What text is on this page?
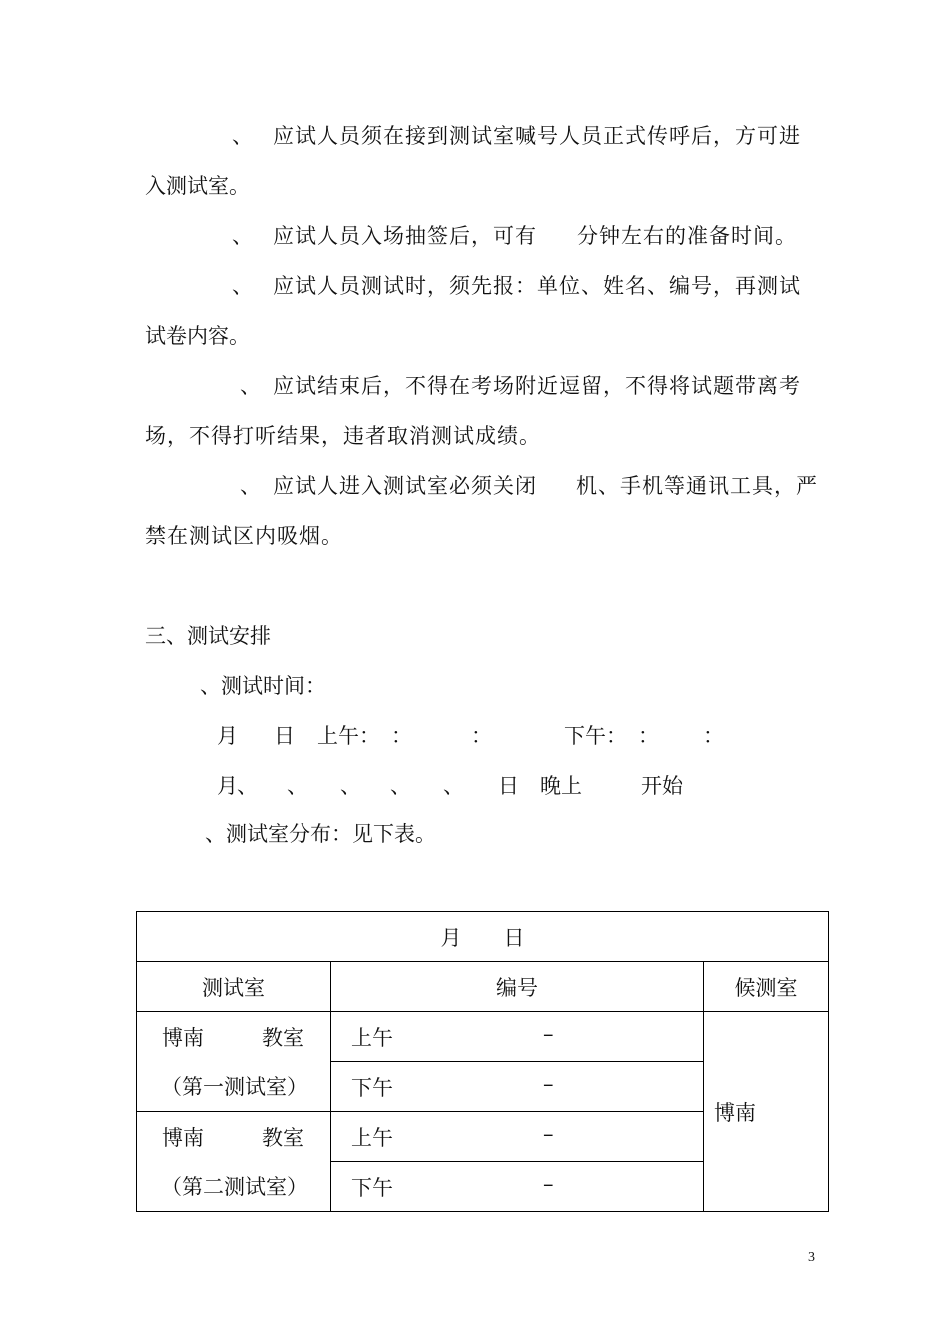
、 应试人员须在接到测试室喊号人员正式传呼后，方可进
入测试室。
、 应试人员入场抽签后，可有 分钟左右的准备时间。
、 应试人员测试时，须先报：单位、姓名、编号，再测试
试卷内容。
、 应试结束后，不得在考场附近逗留，不得将试题带离考
场，不得打听结果，违者取消测试成绩。
、 应试人进入测试室必须关闭 机、手机等通讯工具，严
禁在测试区内吸烟。
三、测试安排
、测试时间：
月 日 上午： ：	：	下午： ： ：
月 、 、 、 、 、 日 晚上	开始
、测试室分布：见下表。
月　　日		
测试室	编号	候测室

博南 教室
（第一测试室）	上午 –	博南

	下午 –	

博南 教室
（第二测试室）	上午 –	

	下午 –	
3
